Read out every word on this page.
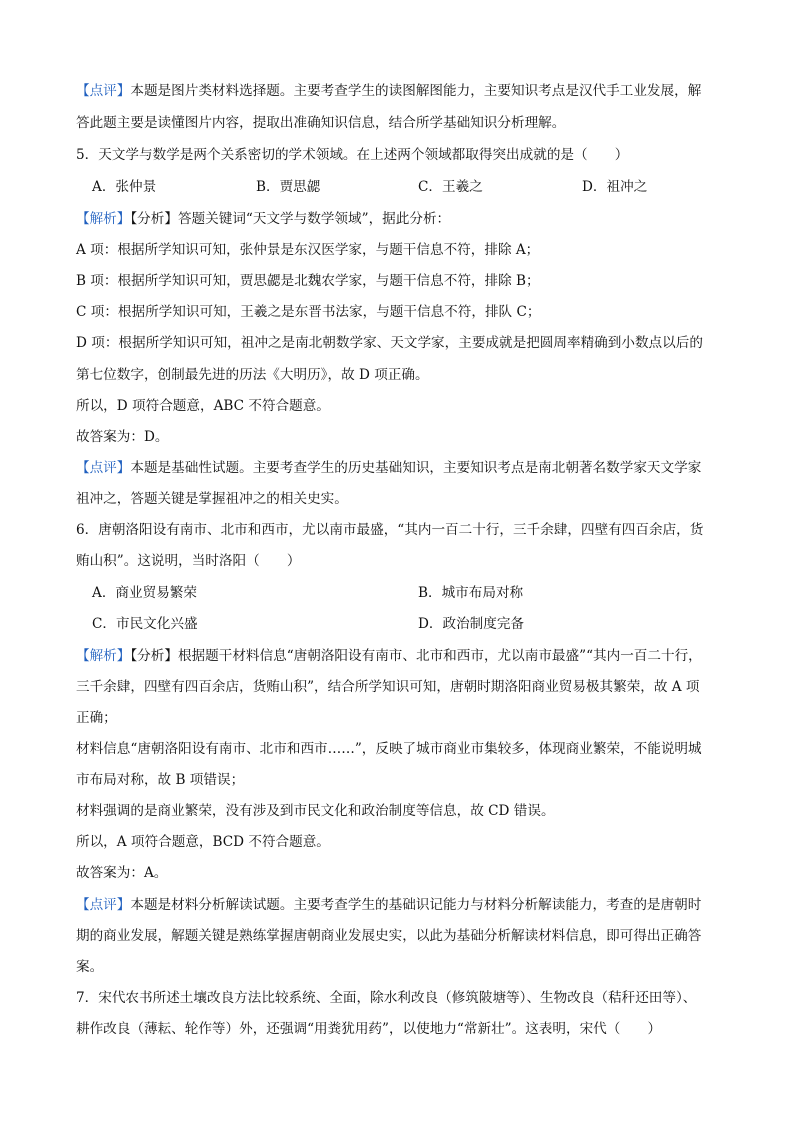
【点评】本题是图片类材料选择题。主要考查学生的读图解图能力，主要知识考点是汉代手工业发展，解
答此题主要是读懂图片内容，提取出准确知识信息，结合所学基础知识分析理解。
5．天文学与数学是两个关系密切的学术领域。在上述两个领域都取得突出成就的是（　　）
A．张仲景	B．贾思勰	C．王羲之	D．祖冲之
【解析】【分析】答题关键词“天文学与数学领域”，据此分析：
A 项：根据所学知识可知，张仲景是东汉医学家，与题干信息不符，排除 A；
B 项：根据所学知识可知，贾思勰是北魏农学家，与题干信息不符，排除 B；
C 项：根据所学知识可知，王羲之是东晋书法家，与题干信息不符，排队 C；
D 项：根据所学知识可知，祖冲之是南北朝数学家、天文学家，主要成就是把圆周率精确到小数点以后的
第七位数字，创制最先进的历法《大明历》，故 D 项正确。
所以，D 项符合题意，ABC 不符合题意。
故答案为：D。
【点评】本题是基础性试题。主要考查学生的历史基础知识，主要知识考点是南北朝著名数学家天文学家
祖冲之，答题关键是掌握祖冲之的相关史实。
6．唐朝洛阳设有南市、北市和西市，尤以南市最盛，“其内一百二十行，三千余肆，四壁有四百余店，货
贿山积”。这说明，当时洛阳（　　）
A．商业贸易繁荣	B．城市布局对称
C．市民文化兴盛	D．政治制度完备
【解析】【分析】根据题干材料信息“唐朝洛阳设有南市、北市和西市，尤以南市最盛”“其内一百二十行，
三千余肆，四壁有四百余店，货贿山积”，结合所学知识可知，唐朝时期洛阳商业贸易极其繁荣，故 A 项
正确；
材料信息“唐朝洛阳设有南市、北市和西市……”，反映了城市商业市集较多，体现商业繁荣，不能说明城
市布局对称，故 B 项错误；
材料强调的是商业繁荣，没有涉及到市民文化和政治制度等信息，故 CD 错误。
所以，A 项符合题意，BCD 不符合题意。
故答案为：A。
【点评】本题是材料分析解读试题。主要考查学生的基础识记能力与材料分析解读能力，考查的是唐朝时
期的商业发展，解题关键是熟练掌握唐朝商业发展史实，以此为基础分析解读材料信息，即可得出正确答
案。
7．宋代农书所述土壤改良方法比较系统、全面，除水利改良（修筑陂塘等）、生物改良（秸秆还田等）、
耕作改良（薄耘、轮作等）外，还强调“用粪犹用药”，以使地力“常新壮”。这表明，宋代（　　）
